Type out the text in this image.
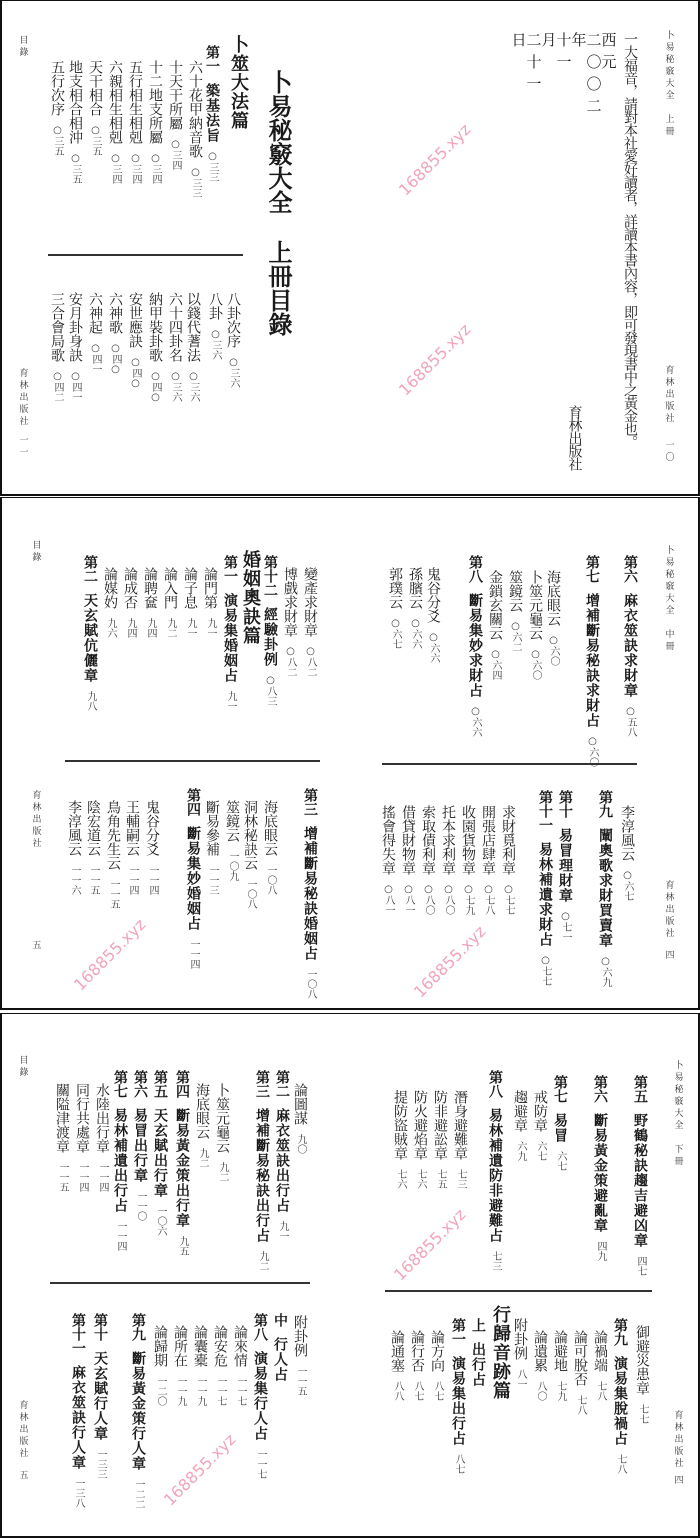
目錄
育林出版社
一一
卜易秘竅大全
上冊目錄
卜筮大法篇
第一築基法旨○三三
六十花甲納音歌○三三
十天干所屬○三四
十二地支所屬○三四
五行相生相剋○三四
六親相生相剋○三四
天干相合○三五
地支相合相沖○三五
五行次序○三五
八卦次序○三六
八卦○三六
以錢代蓍法○三六
六十四卦名○三六
納甲裝卦歌○四○
安世應訣○四○
六神歌○四○
六神起○四一
安月卦身訣○四一
三合會局歌○四二
卜易秘竅大全　上冊
育林出版社
一〇
一大福音，請對本社愛好讀者，詳讀本書內容，即可發現書中之黃金也。
西元
二〇〇二
年
十一
月
二十一
日
育林出版社
目錄
育林出版社
五
變產求財章○八二
博戲求財章○八二
第十二經驗卦例○八三
婚姻奧訣篇
第一演易集婚姻占九一
論門第九一
論子息九一
論入門九二
論聘奩九四
論成否九四
論媒妁九六
第二天玄賦伉儷章九八
第三增補斷易秘訣婚姻占一〇八
海底眼云一〇八
洞林秘訣云一〇八
筮鏡云一〇九
斷易參補一一三
第四斷易集妙婚姻占一一四
鬼谷分爻一一四
王輔嗣云一一四
鳥角先生云一一五
陰宏道云一一五
李淳風云一一六
卜易秘竅大全　中冊
育林出版社
四
第六麻衣筮訣求財章○五八
第七增補斷易秘訣求財占○六〇
海底眼云○六〇
卜筮元龜云○六〇
筮鏡云○六二
金鎖玄關云○六四
第八斷易集妙求財占○六六
鬼谷分爻○六六
孫臏云○六六
郭璞云○六七
李淳風云○六七
第九闡奧歌求財買賣章○六九
第十易冒理財章○七一
第十一易林補遺求財占○七七
求財覓利章○七七
開張店肆章○七八
收園貨物章○七九
托本求利章○八〇
索取債利章○八〇
借貸財物章○八一
搖會得失章○八一
目錄
育林出版社
五
論圖謀九〇
第二麻衣筮訣出行占九一
第三增補斷易秘訣出行占九二
卜筮元龜云九二
海底眼云九二
第四斷易黃金策出行章九五
第五天玄賦出行章一〇六
第六易冒出行章一一〇
第七易林補遺出行占一一四
水陸出行章一一四
同行共處章一一四
關隘津渡章一一五
附卦例一一五
中行人占
第八演易集行人占一一七
論來情一一七
論安危一一七
論囊橐一一九
論所在一一九
論歸期一二〇
第九斷易黃金策行人章一二二
第十天玄賦行人章一三三
第十一麻衣筮訣行人章一三八
卜易秘竅大全　下冊
育林出版社
四
第五野鶴秘訣趨吉避凶章四七
第六斷易黃金策避亂章四九
第七易冒六七
戒防章六七
趨避章六九
第八易林補遺防非避難占七三
潛身避難章七三
防非避訟章七五
防火避焰章七六
提防盜賊章七六
御避災患章七七
第九演易集脫禍占七八
論禍端七八
論可脫否七八
論避地七九
論遺累八〇
附卦例八一
行歸音跡篇
上出行占
第一演易集出行占八七
論方向八七
論行否八七
論通塞八八
168855.xyz
168855.xyz
168855.xyz	168855.xyz
168855.xyz
168855.xyz
